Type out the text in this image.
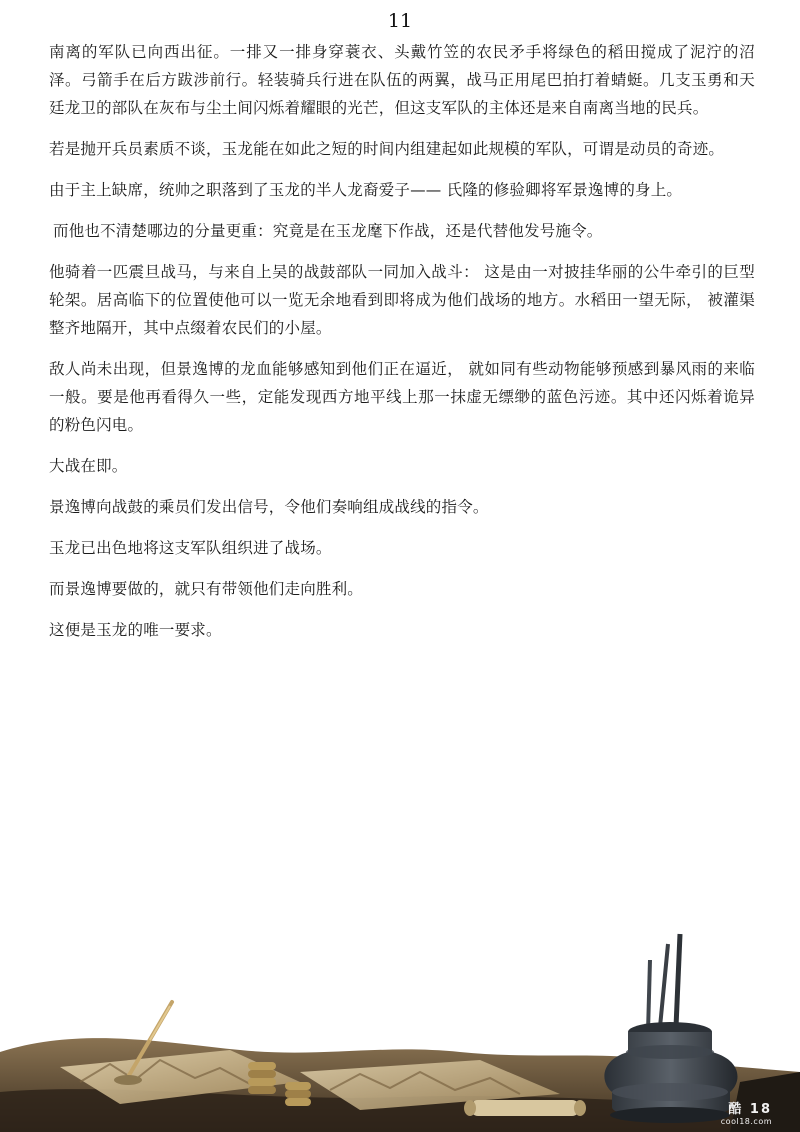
11

南离的军队已向西出征。一排又一排身穿蓑衣、头戴竹笠的农民矛手将绿色的稻田搅成了泥泞的沼泽。弓箭手在后方跋涉前行。轻装骑兵行进在队伍的两翼，战马正用尾巴拍打着蜻蜓。几支玉勇和天廷龙卫的部队在灰布与尘土间闪烁着耀眼的光芒，但这支军队的主体还是来自南离当地的民兵。

若是抛开兵员素质不谈，玉龙能在如此之短的时间内组建起如此规模的军队，可谓是动员的奇迹。

由于主上缺席，统帅之职落到了玉龙的半人龙裔爱子—— 氏隆的修验卿将军景逸博的身上。

而他也不清楚哪边的分量更重：究竟是在玉龙麾下作战，还是代替他发号施令。

他骑着一匹震旦战马，与来自上吴的战鼓部队一同加入战斗： 这是由一对披挂华丽的公牛牵引的巨型轮架。居高临下的位置使他可以一览无余地看到即将成为他们战场的地方。水稻田一望无际， 被灌渠整齐地隔开，其中点缀着农民们的小屋。

敌人尚未出现，但景逸博的龙血能够感知到他们正在逼近， 就如同有些动物能够预感到暴风雨的来临一般。要是他再看得久一些，定能发现西方地平线上那一抹虚无缥缈的蓝色污迹。其中还闪烁着诡异的粉色闪电。

大战在即。

景逸博向战鼓的乘员们发出信号，令他们奏响组成战线的指令。

玉龙已出色地将这支军队组织进了战场。

而景逸博要做的，就只有带领他们走向胜利。

这便是玉龙的唯一要求。

酷 18
cool18.com
